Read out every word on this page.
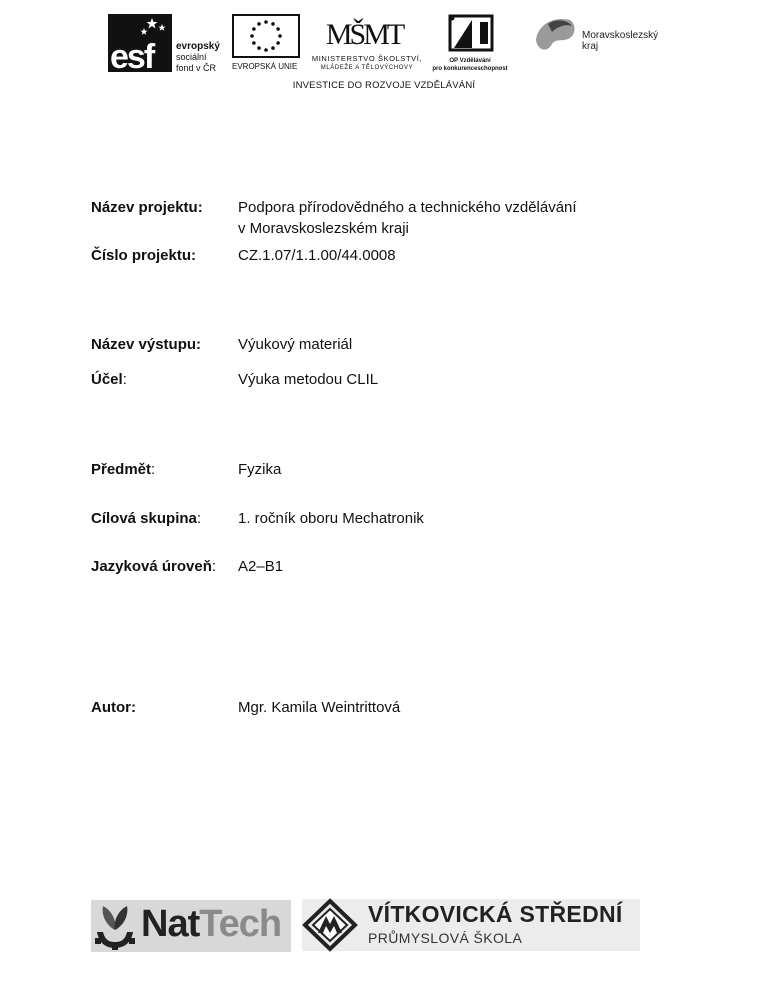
esf evropský
sociální
fond v ČR	EVROPSKÁ UNIE
MŠMT
MINISTERSTVO ŠKOLSTVÍ,
MLÁDEŽE A TĚLOVÝCHOVY
OP Vzdělávání
pro konkurenceschopnost
Moravskoslezský
kraj
INVESTICE DO ROZVOJE VZDĚLÁVÁNÍ
Název projektu: Podpora přírodovědného a technického vzdělávání
v Moravskoslezském kraji
Číslo projektu:	CZ.1.07/1.1.00/44.0008
Název výstupu: Výukový materiál
Účel:	Výuka metodou CLIL
Předmět:	Fyzika
Cílová skupina: 1. ročník oboru Mechatronik
Jazyková úroveň: A2–B1
Autor:	Mgr. Kamila Weintrittová
NatTech	VÍTKOVICKÁ STŘEDNÍ
PRŮMYSLOVÁ ŠKOLA
